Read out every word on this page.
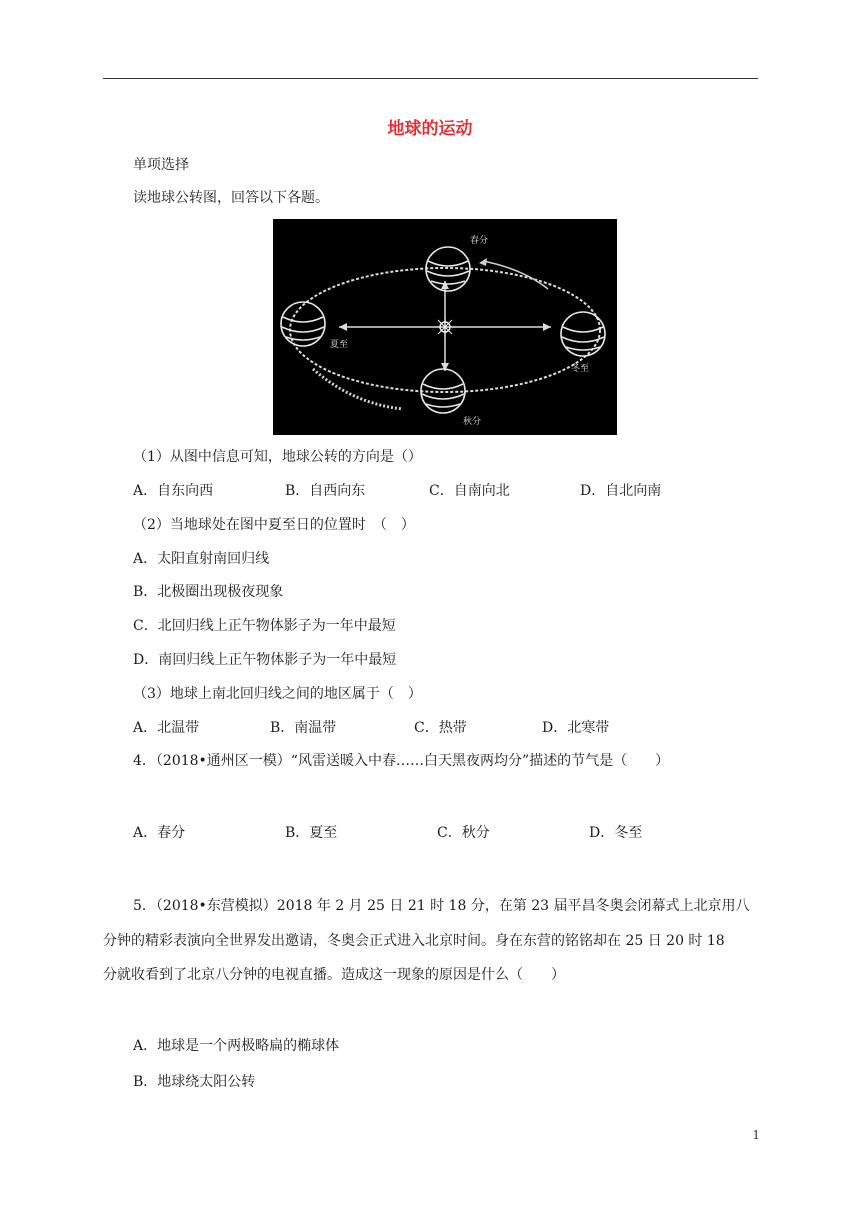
地球的运动
单项选择
读地球公转图，回答以下各题。
春分
夏至
冬至
秋分
（1）从图中信息可知，地球公转的方向是（）
A．自东向西	B．自西向东	C．自南向北	D．自北向南
（2）当地球处在图中夏至日的位置时　（　）
A．太阳直射南回归线
B．北极圈出现极夜现象
C．北回归线上正午物体影子为一年中最短
D．南回归线上正午物体影子为一年中最短
（3）地球上南北回归线之间的地区属于（　）
A．北温带	B．南温带	C．热带	D．北寒带
4．（2018•通州区一模）“风雷送暖入中春……白天黑夜两均分”描述的节气是（　　）
A．春分	B．夏至	C．秋分	D．冬至
5．（2018•东营模拟）2018 年 2 月 25 日 21 时 18 分，在第 23 届平昌冬奥会闭幕式上北京用八
分钟的精彩表演向全世界发出邀请，冬奥会正式进入北京时间。身在东营的铭铭却在 25 日 20 时 18
分就收看到了北京八分钟的电视直播。造成这一现象的原因是什么（　　）
A．地球是一个两极略扁的椭球体
B．地球绕太阳公转
1
